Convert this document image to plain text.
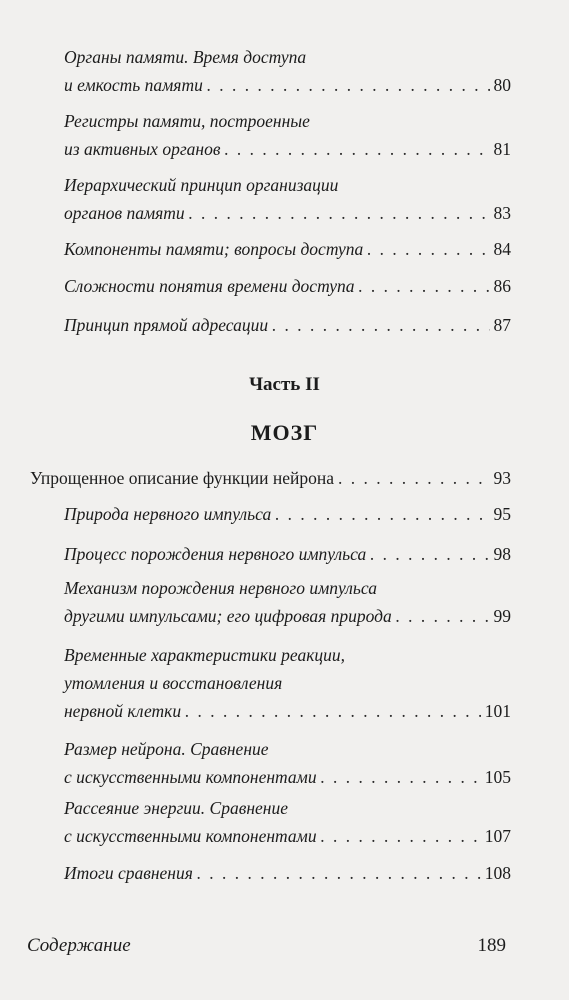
Органы памяти. Время доступа
и емкость памяти . . .	80
Регистры памяти, построенные
из активных органов . . .	81
Иерархический принцип организации
органов памяти . . .	83
Компоненты памяти; вопросы доступа . . .	84
Сложности понятия времени доступа . . .	86
Принцип прямой адресации . . .	87
Часть II
МОЗГ
Упрощенное описание функции нейрона . . .	93
Природа нервного импульса . . .	95
Процесс порождения нервного импульса . . .	98
Механизм порождения нервного импульса
другими импульсами; его цифровая природа . . .	99
Временные характеристики реакции,
утомления и восстановления
нервной клетки . . .	101
Размер нейрона. Сравнение
с искусственными компонентами . . .	105
Рассеяние энергии. Сравнение
с искусственными компонентами . . .	107
Итоги сравнения . . .	108
Содержание	189
